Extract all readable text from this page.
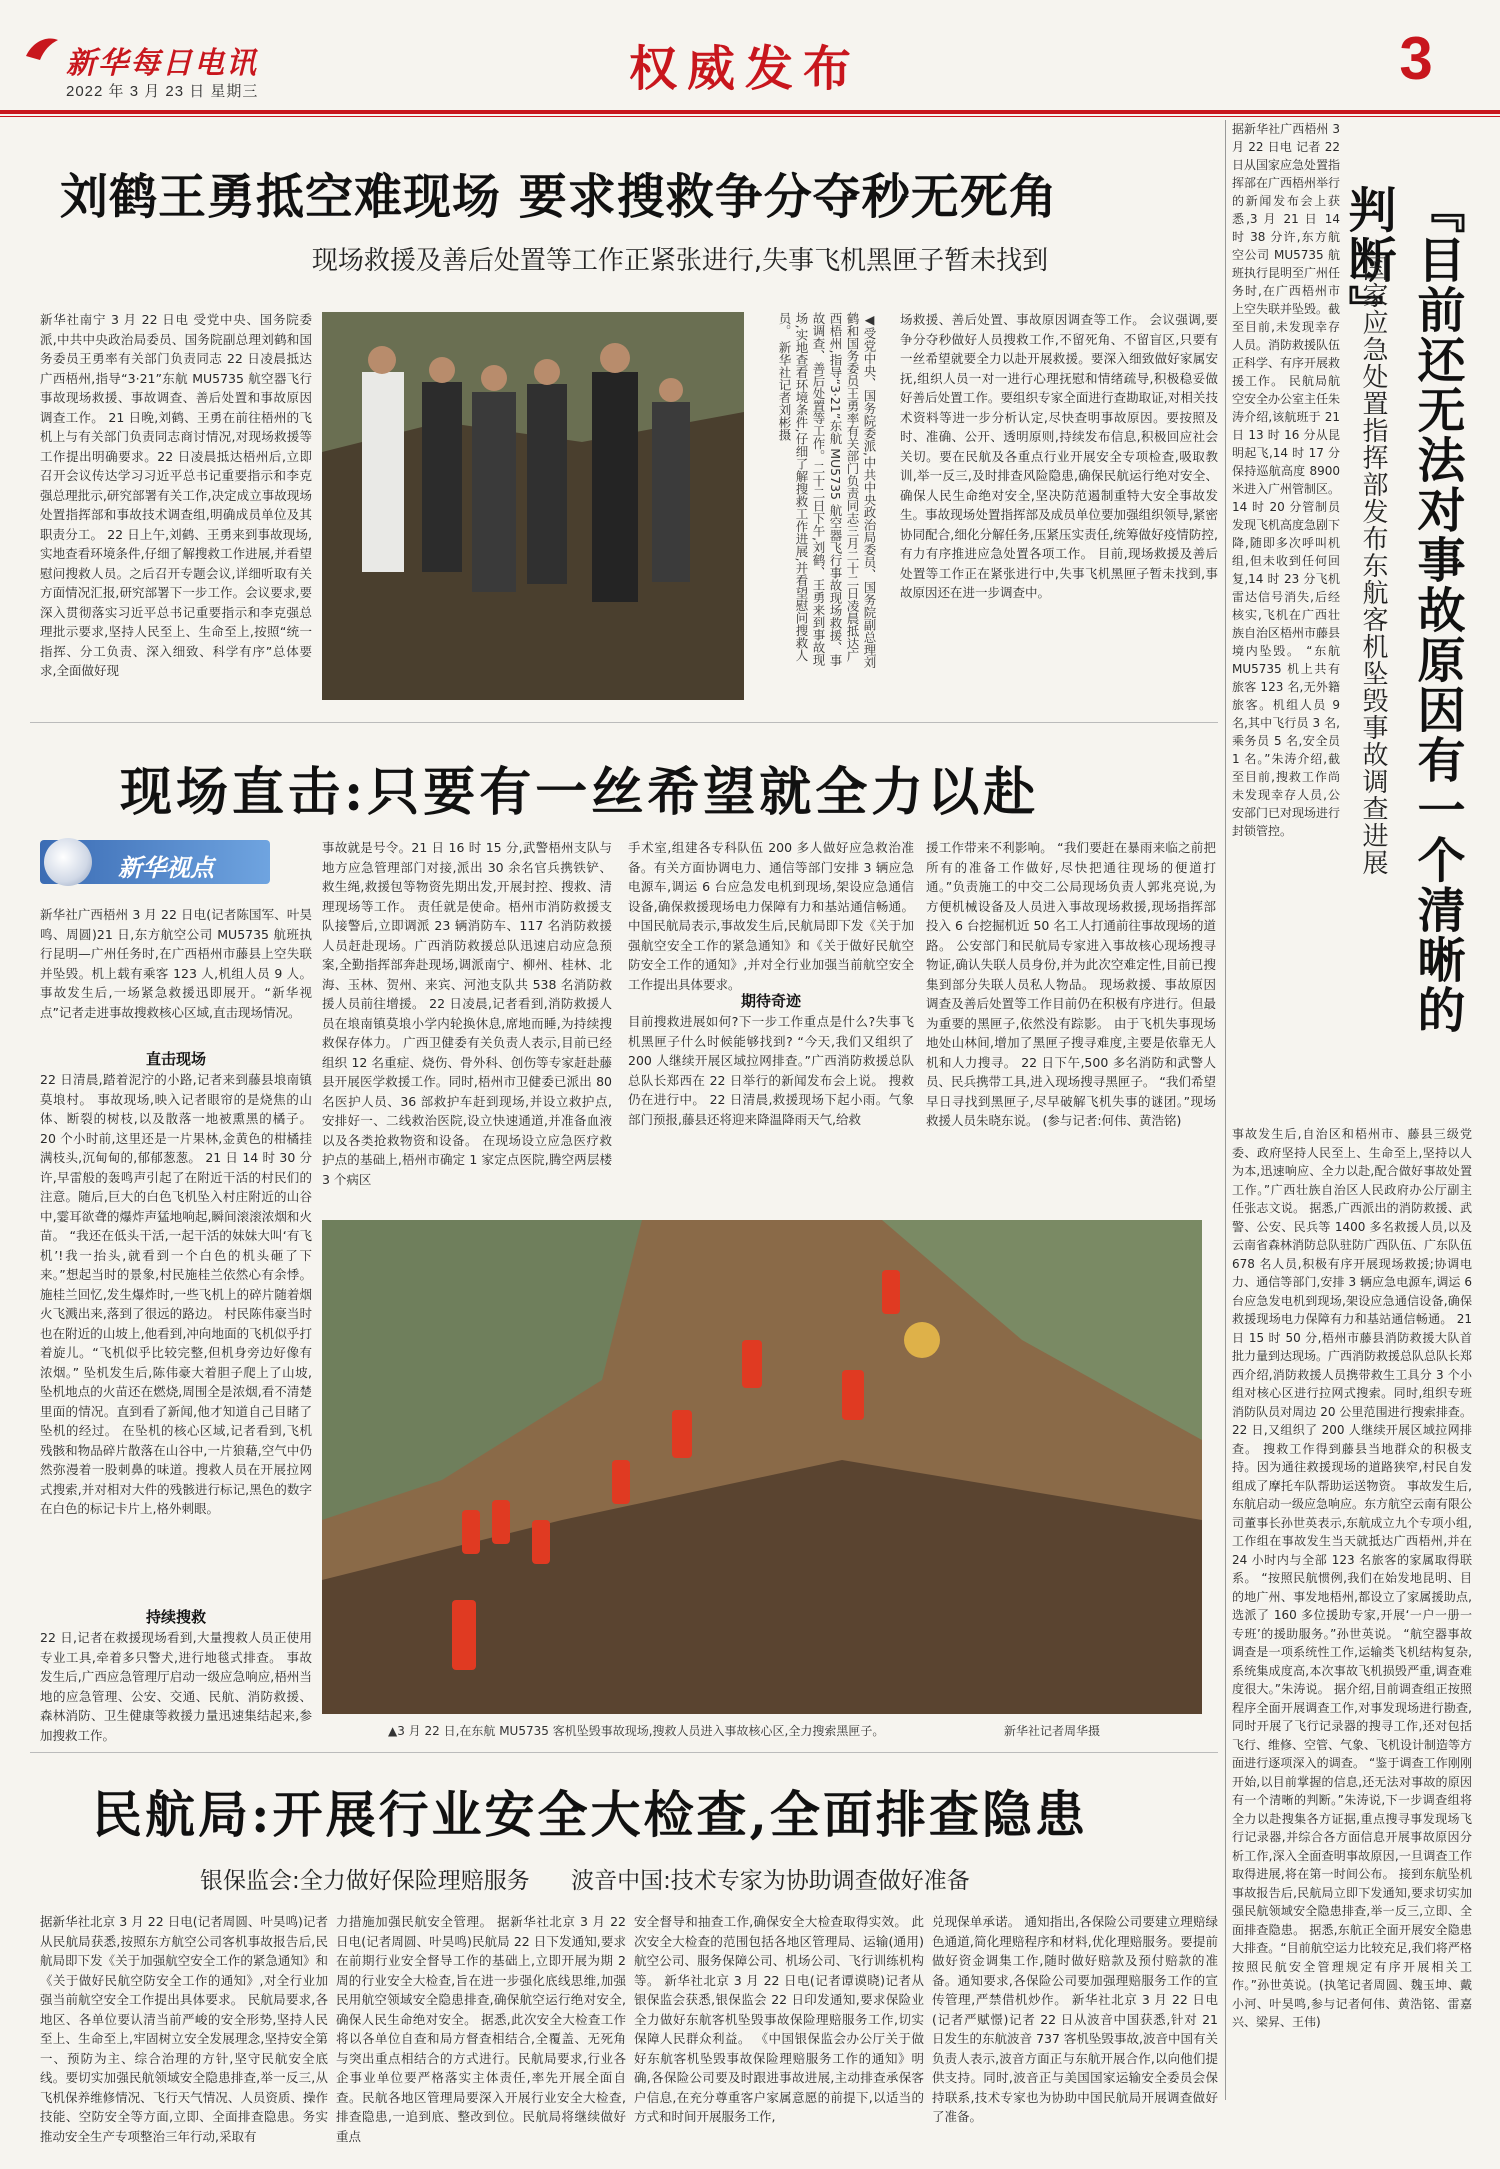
新华每日电讯
2022 年 3 月 23 日 星期三	权威发布	3
刘鹤王勇抵空难现场 要求搜救争分夺秒无死角
现场救援及善后处置等工作正紧张进行,失事飞机黑匣子暂未找到
新华社南宁 3 月 22 日电 受党中央、国务院委派,中共中央政治局委员、国务院副总理刘鹤和国务委员王勇率有关部门负责同志 22 日凌晨抵达广西梧州,指导“3·21”东航 MU5735 航空器飞行事故现场救援、事故调查、善后处置和事故原因调查工作。 21 日晚,刘鹤、王勇在前往梧州的飞机上与有关部门负责同志商讨情况,对现场救援等工作提出明确要求。22 日凌晨抵达梧州后,立即召开会议传达学习习近平总书记重要指示和李克强总理批示,研究部署有关工作,决定成立事故现场处置指挥部和事故技术调查组,明确成员单位及其职责分工。 22 日上午,刘鹤、王勇来到事故现场,实地查看环境条件,仔细了解搜救工作进展,并看望慰问搜救人员。之后召开专题会议,详细听取有关方面情况汇报,研究部署下一步工作。会议要求,要深入贯彻落实习近平总书记重要指示和李克强总理批示要求,坚持人民至上、生命至上,按照“统一指挥、分工负责、深入细致、科学有序”总体要求,全面做好现
◀受党中央、国务院委派,中共中央政治局委员、国务院副总理刘鹤和国务委员王勇率有关部门负责同志三月二十二日凌晨抵达广西梧州,指导“3·21”东航 MU5735 航空器飞行事故现场救援、事故调查、善后处置等工作。二十二日下午,刘鹤、王勇来到事故现场,实地查看环境条件,仔细了解搜救工作进展,并看望慰问搜救人员。 新华社记者刘彬摄	场救援、善后处置、事故原因调查等工作。 会议强调,要争分夺秒做好人员搜救工作,不留死角、不留盲区,只要有一丝希望就要全力以赴开展救援。要深入细致做好家属安抚,组织人员一对一进行心理抚慰和情绪疏导,积极稳妥做好善后处置工作。要组织专家全面进行查勘取证,对相关技术资料等进一步分析认定,尽快查明事故原因。要按照及时、准确、公开、透明原则,持续发布信息,积极回应社会关切。要在民航及各重点行业开展安全专项检查,吸取教训,举一反三,及时排查风险隐患,确保民航运行绝对安全、确保人民生命绝对安全,坚决防范遏制重特大安全事故发生。事故现场处置指挥部及成员单位要加强组织领导,紧密协同配合,细化分解任务,压紧压实责任,统筹做好疫情防控,有力有序推进应急处置各项工作。 目前,现场救援及善后处置等工作正在紧张进行中,失事飞机黑匣子暂未找到,事故原因还在进一步调查中。
现场直击:只要有一丝希望就全力以赴
新华视点
新华社广西梧州 3 月 22 日电(记者陈国军、叶昊鸣、周圆)21 日,东方航空公司 MU5735 航班执行昆明—广州任务时,在广西梧州市藤县上空失联并坠毁。机上载有乘客 123 人,机组人员 9 人。事故发生后,一场紧急救援迅即展开。“新华视点”记者走进事故搜救核心区域,直击现场情况。
直击现场
22 日清晨,踏着泥泞的小路,记者来到藤县埌南镇莫埌村。 事故现场,映入记者眼帘的是烧焦的山体、断裂的树枝,以及散落一地被熏黑的橘子。 20 个小时前,这里还是一片果林,金黄色的柑橘挂满枝头,沉甸甸的,郁郁葱葱。 21 日 14 时 30 分许,早雷般的轰鸣声引起了在附近干活的村民们的注意。随后,巨大的白色飞机坠入村庄附近的山谷中,霎耳欲聋的爆炸声猛地响起,瞬间滚滚浓烟和火苗。 “我还在低头干活,一起干活的妹妹大叫‘有飞机’!我一抬头,就看到一个白色的机头砸了下来。”想起当时的景象,村民施桂兰依然心有余悸。 施桂兰回忆,发生爆炸时,一些飞机上的碎片随着烟火飞溅出来,落到了很远的路边。 村民陈伟豪当时也在附近的山坡上,他看到,冲向地面的飞机似乎打着旋儿。“飞机似乎比较完整,但机身旁边好像有浓烟。” 坠机发生后,陈伟豪大着胆子爬上了山坡,坠机地点的火苗还在燃烧,周围全是浓烟,看不清楚里面的情况。直到看了新闻,他才知道自己目睹了坠机的经过。 在坠机的核心区域,记者看到,飞机残骸和物品碎片散落在山谷中,一片狼藉,空气中仍然弥漫着一股刺鼻的味道。搜救人员在开展拉网式搜索,并对相对大件的残骸进行标记,黑色的数字在白色的标记卡片上,格外刺眼。
持续搜救
22 日,记者在救援现场看到,大量搜救人员正使用专业工具,牵着多只警犬,进行地毯式排查。 事故发生后,广西应急管理厅启动一级应急响应,梧州当地的应急管理、公安、交通、民航、消防救援、森林消防、卫生健康等救援力量迅速集结起来,参加搜救工作。
事故就是号令。21 日 16 时 15 分,武警梧州支队与地方应急管理部门对接,派出 30 余名官兵携铁铲、救生绳,救援包等物资先期出发,开展封控、搜救、清理现场等工作。 责任就是使命。梧州市消防救援支队接警后,立即调派 23 辆消防车、117 名消防救援人员赶赴现场。广西消防救援总队迅速启动应急预案,全勤指挥部奔赴现场,调派南宁、柳州、桂林、北海、玉林、贺州、来宾、河池支队共 538 名消防救援人员前往增援。 22 日凌晨,记者看到,消防救援人员在埌南镇莫埌小学内轮换休息,席地而睡,为持续搜救保存体力。 广西卫健委有关负责人表示,目前已经组织 12 名重症、烧伤、骨外科、创伤等专家赶赴藤县开展医学救援工作。同时,梧州市卫健委已派出 80 名医护人员、36 部救护车赶到现场,并设立救护点,安排好一、二线救治医院,设立快速通道,并准备血液以及各类抢救物资和设备。 在现场设立应急医疗救护点的基础上,梧州市确定 1 家定点医院,腾空两层楼 3 个病区
手术室,组建各专科队伍 200 多人做好应急救治准备。有关方面协调电力、通信等部门安排 3 辆应急电源车,调运 6 台应急发电机到现场,架设应急通信设备,确保救援现场电力保障有力和基站通信畅通。 中国民航局表示,事故发生后,民航局即下发《关于加强航空安全工作的紧急通知》和《关于做好民航空防安全工作的通知》,并对全行业加强当前航空安全工作提出具体要求。
期待奇迹
目前搜救进展如何?下一步工作重点是什么?失事飞机黑匣子什么时候能够找到? “今天,我们又组织了 200 人继续开展区域拉网排查。”广西消防救援总队总队长郑西在 22 日举行的新闻发布会上说。 搜救仍在进行中。 22 日清晨,救援现场下起小雨。气象部门预报,藤县还将迎来降温降雨天气,给救
援工作带来不利影响。 “我们要赶在暴雨来临之前把所有的准备工作做好,尽快把通往现场的便道打通。”负责施工的中交二公局现场负责人郭兆亮说,为方便机械设备及人员进入事故现场救援,现场指挥部投入 6 台挖掘机近 50 名工人打通前往事故现场的道路。 公安部门和民航局专家进入事故核心现场搜寻物证,确认失联人员身份,并为此次空难定性,目前已搜集到部分失联人员私人物品。 现场救援、事故原因调查及善后处置等工作目前仍在积极有序进行。但最为重要的黑匣子,依然没有踪影。 由于飞机失事现场地处山林间,增加了黑匣子搜寻难度,主要是依靠无人机和人力搜寻。 22 日下午,500 多名消防和武警人员、民兵携带工具,进入现场搜寻黑匣子。 “我们希望早日寻找到黑匣子,尽早破解飞机失事的谜团。”现场救援人员朱晓东说。 (参与记者:何伟、黄浩铭)
▲3 月 22 日,在东航 MU5735 客机坠毁事故现场,搜救人员进入事故核心区,全力搜索黑匣子。	新华社记者周华摄
民航局:开展行业安全大检查,全面排查隐患
银保监会:全力做好保险理赔服务 波音中国:技术专家为协助调查做好准备
据新华社北京 3 月 22 日电(记者周圆、叶昊鸣)记者从民航局获悉,按照东方航空公司客机事故报告后,民航局即下发《关于加强航空安全工作的紧急通知》和《关于做好民航空防安全工作的通知》,对全行业加强当前航空安全工作提出具体要求。 民航局要求,各地区、各单位要认清当前严峻的安全形势,坚持人民至上、生命至上,牢固树立安全发展理念,坚持安全第一、预防为主、综合治理的方针,坚守民航安全底线。要切实加强民航领域安全隐患排查,举一反三,从飞机保养维修情况、飞行天气情况、人员资质、操作技能、空防安全等方面,立即、全面排查隐患。务实推动安全生产专项整治三年行动,采取有
力措施加强民航安全管理。 据新华社北京 3 月 22 日电(记者周圆、叶昊鸣)民航局 22 日下发通知,要求在前期行业安全督导工作的基础上,立即开展为期 2 周的行业安全大检查,旨在进一步强化底线思维,加强民用航空领域安全隐患排查,确保航空运行绝对安全,确保人民生命绝对安全。 据悉,此次安全大检查工作将以各单位自查和局方督查相结合,全覆盖、无死角与突出重点相结合的方式进行。民航局要求,行业各企事业单位要严格落实主体责任,率先开展全面自查。民航各地区管理局要深入开展行业安全大检查,排查隐患,一追到底、整改到位。民航局将继续做好重点
安全督导和抽查工作,确保安全大检查取得实效。 此次安全大检查的范围包括各地区管理局、运输(通用)航空公司、服务保障公司、机场公司、飞行训练机构等。 新华社北京 3 月 22 日电(记者谭谟晓)记者从银保监会获悉,银保监会 22 日印发通知,要求保险业全力做好东航客机坠毁事故保险理赔服务工作,切实保障人民群众利益。 《中国银保监会办公厅关于做好东航客机坠毁事故保险理赔服务工作的通知》明确,各保险公司要及时跟进事故进展,主动排查承保客户信息,在充分尊重客户家属意愿的前提下,以适当的方式和时间开展服务工作,
兑现保单承诺。 通知指出,各保险公司要建立理赔绿色通道,简化理赔程序和材料,优化理赔服务。要提前做好资金调集工作,随时做好赔款及预付赔款的准备。通知要求,各保险公司要加强理赔服务工作的宣传管理,严禁借机炒作。 新华社北京 3 月 22 日电(记者严赋憬)记者 22 日从波音中国获悉,针对 21 日发生的东航波音 737 客机坠毁事故,波音中国有关负责人表示,波音方面正与东航开展合作,以向他们提供支持。同时,波音正与美国国家运输安全委员会保持联系,技术专家也为协助中国民航局开展调查做好了准备。
『目前还无法对事故原因有一个清晰的判断』
国家应急处置指挥部发布东航客机坠毁事故调查进展
据新华社广西梧州 3 月 22 日电 记者 22 日从国家应急处置指挥部在广西梧州举行的新闻发布会上获悉,3 月 21 日 14 时 38 分许,东方航空公司 MU5735 航班执行昆明至广州任务时,在广西梧州市上空失联并坠毁。截至目前,未发现幸存人员。消防救援队伍正科学、有序开展救援工作。 民航局航空安全办公室主任朱涛介绍,该航班于 21 日 13 时 16 分从昆明起飞,14 时 17 分保持巡航高度 8900 米进入广州管制区。14 时 20 分管制员发现飞机高度急剧下降,随即多次呼叫机组,但未收到任何回复,14 时 23 分飞机雷达信号消失,后经核实,飞机在广西壮族自治区梧州市藤县境内坠毁。 “东航 MU5735 机上共有旅客 123 名,无外籍旅客。机组人员 9 名,其中飞行员 3 名,乘务员 5 名,安全员 1 名。”朱涛介绍,截至目前,搜救工作尚未发现幸存人员,公安部门已对现场进行封锁管控。
事故发生后,自治区和梧州市、藤县三级党委、政府坚持人民至上、生命至上,坚持以人为本,迅速响应、全力以赴,配合做好事故处置工作。”广西壮族自治区人民政府办公厅副主任张志文说。 据悉,广西派出的消防救援、武警、公安、民兵等 1400 多名救援人员,以及云南省森林消防总队驻防广西队伍、广东队伍 678 名人员,积极有序开展现场救援;协调电力、通信等部门,安排 3 辆应急电源车,调运 6 台应急发电机到现场,架设应急通信设备,确保救援现场电力保障有力和基站通信畅通。 21 日 15 时 50 分,梧州市藤县消防救援大队首批力量到达现场。广西消防救援总队总队长郑西介绍,消防救援人员携带救生工具分 3 个小组对核心区进行拉网式搜索。同时,组织专班消防队员对周边 20 公里范围进行搜索排查。22 日,又组织了 200 人继续开展区域拉网排查。 搜救工作得到藤县当地群众的积极支持。因为通往救援现场的道路狭窄,村民自发组成了摩托车队帮助运送物资。 事故发生后,东航启动一级应急响应。东方航空云南有限公司董事长孙世英表示,东航成立九个专项小组,工作组在事故发生当天就抵达广西梧州,并在 24 小时内与全部 123 名旅客的家属取得联系。 “按照民航惯例,我们在始发地昆明、目的地广州、事发地梧州,都设立了家属援助点,选派了 160 多位援助专家,开展‘一户一册一专班’的援助服务。”孙世英说。 “航空器事故调查是一项系统性工作,运输类飞机结构复杂,系统集成度高,本次事故飞机损毁严重,调查难度很大。”朱涛说。 据介绍,目前调查组正按照程序全面开展调查工作,对事发现场进行勘查,同时开展了飞行记录器的搜寻工作,还对包括飞行、维修、空管、气象、飞机设计制造等方面进行逐项深入的调查。 “鉴于调查工作刚刚开始,以目前掌握的信息,还无法对事故的原因有一个清晰的判断。”朱涛说,下一步调查组将全力以赴搜集各方证据,重点搜寻事发现场飞行记录器,并综合各方面信息开展事故原因分析工作,深入全面查明事故原因,一旦调查工作取得进展,将在第一时间公布。 接到东航坠机事故报告后,民航局立即下发通知,要求切实加强民航领域安全隐患排查,举一反三,立即、全面排查隐患。 据悉,东航正全面开展安全隐患大排查。“目前航空运力比较充足,我们将严格按照民航安全管理规定有序开展相关工作。”孙世英说。(执笔记者周圆、魏玉坤、戴小河、叶昊鸣,参与记者何伟、黄浩铭、雷嘉兴、梁昇、王伟)
